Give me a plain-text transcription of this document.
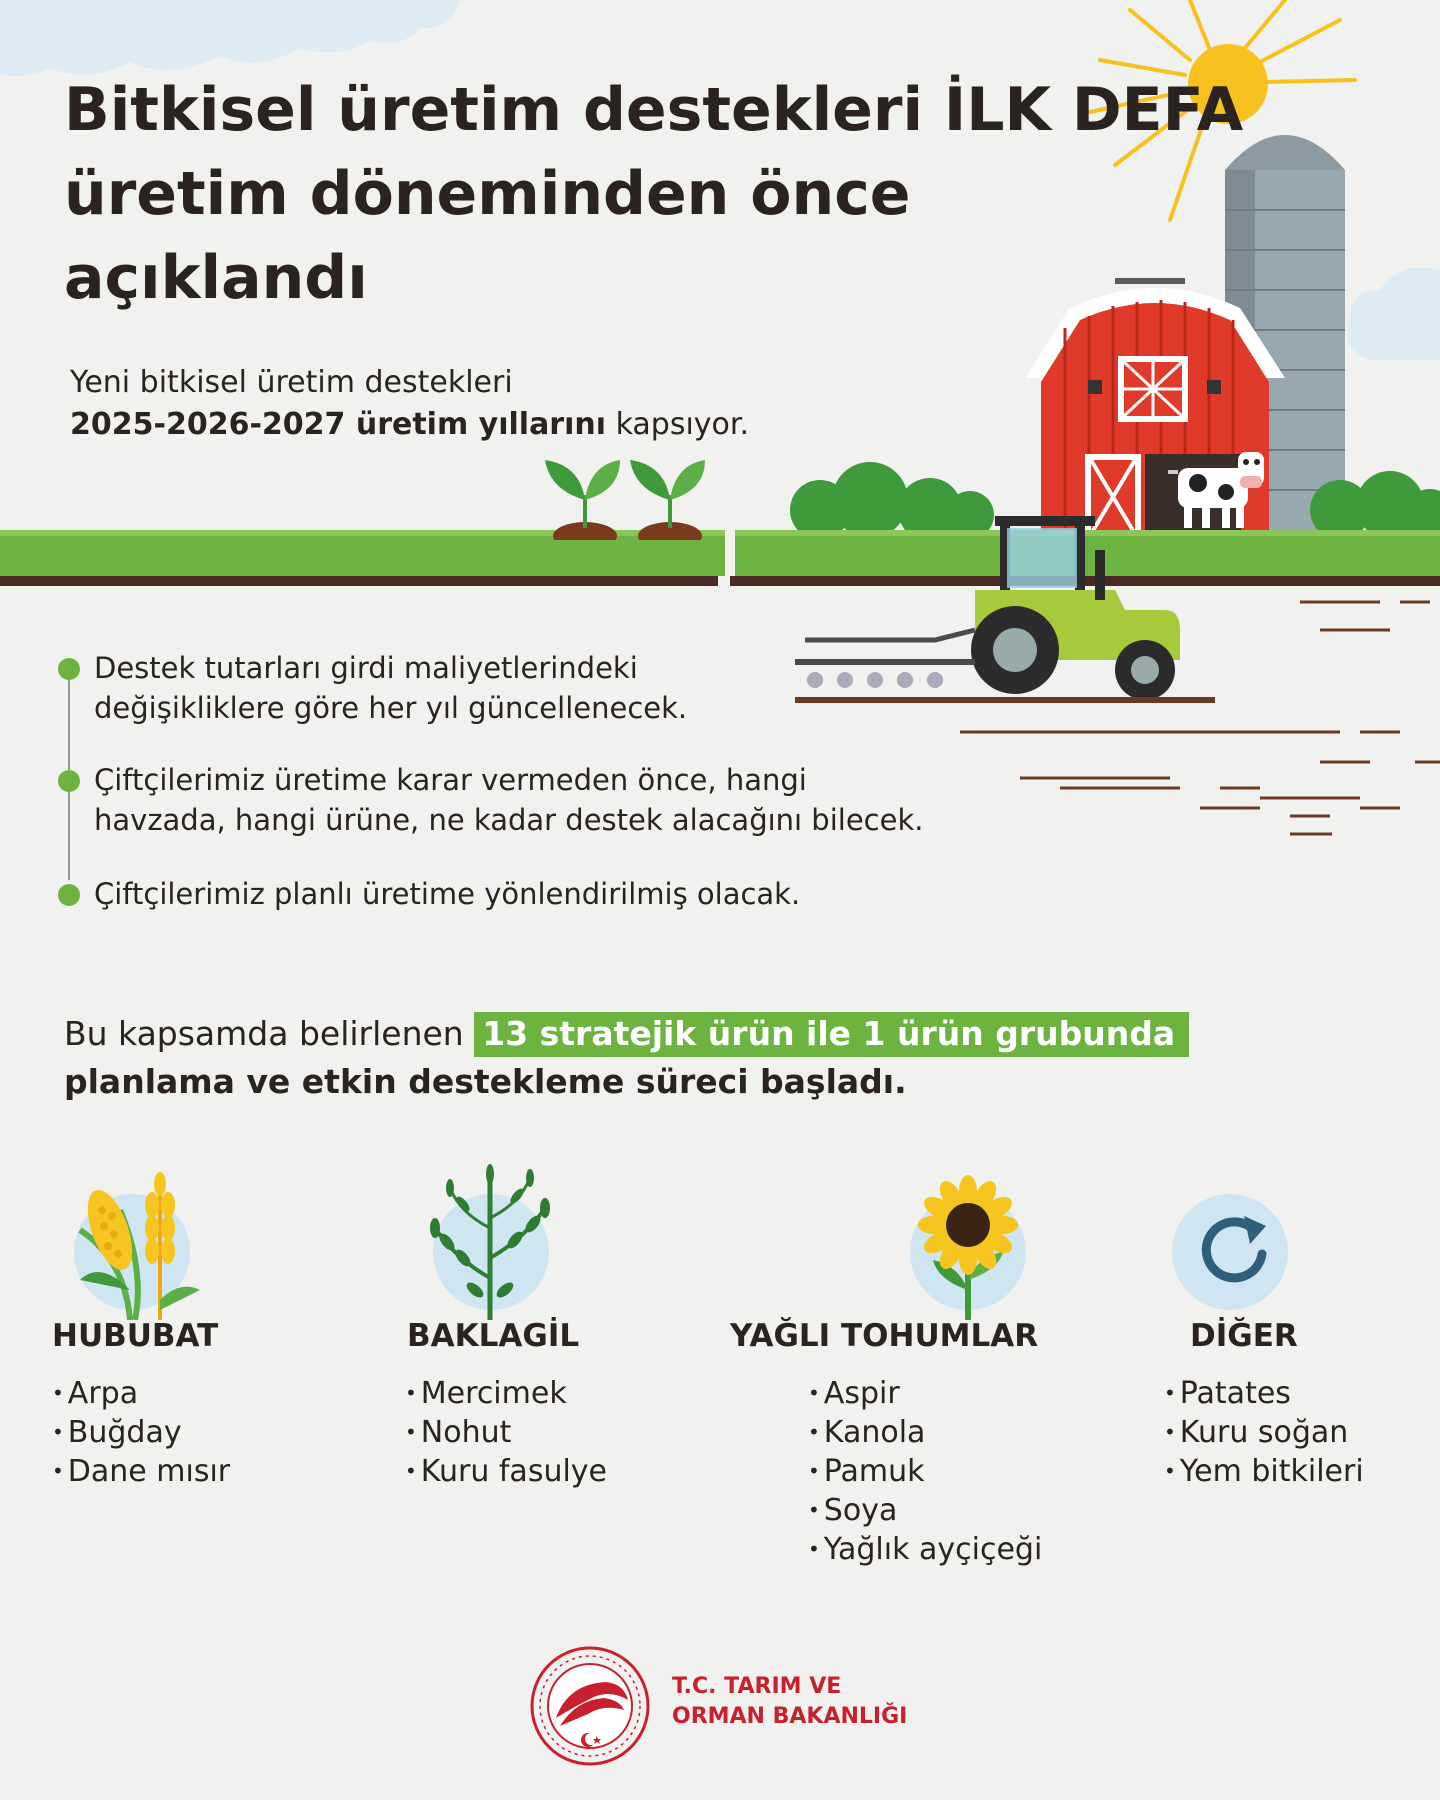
Bitkisel üretim destekleri İLK DEFA
üretim döneminden önce
açıklandı
Yeni bitkisel üretim destekleri
2025-2026-2027 üretim yıllarını kapsıyor.
Destek tutarları girdi maliyetlerindeki
değişikliklere göre her yıl güncellenecek.
Çiftçilerimiz üretime karar vermeden önce, hangi
havzada, hangi ürüne, ne kadar destek alacağını bilecek.
Çiftçilerimiz planlı üretime yönlendirilmiş olacak.
Bu kapsamda belirlenen 13 stratejik ürün ile 1 ürün grubunda
planlama ve etkin destekleme süreci başladı.
HUBUBAT
• Arpa
• Buğday
• Dane mısır
BAKLAGİL
• Mercimek
• Nohut
• Kuru fasulye
YAĞLI TOHUMLAR
• Aspir
• Kanola
• Pamuk
• Soya
• Yağlık ayçiçeği
DİĞER
• Patates
• Kuru soğan
• Yem bitkileri
T.C. TARIM VE
ORMAN BAKANLIĞI
